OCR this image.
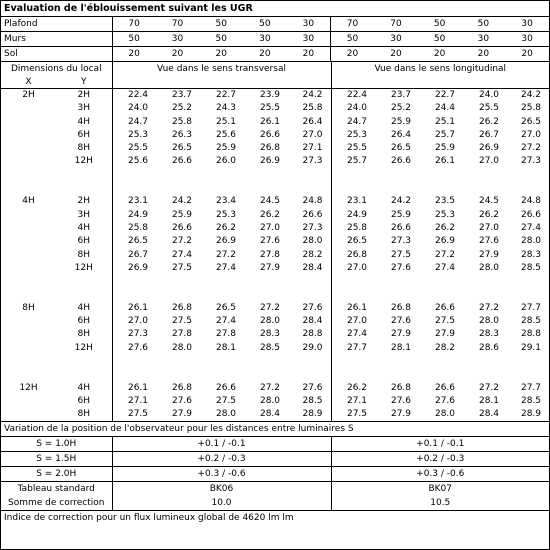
Evaluation de l'éblouissement suivant les UGR
Plafond	70	70	50	50	30	70	70	50	50	30
Murs	50	30	50	30	30	50	30	50	30	30
Sol	20	20	20	20	20	20	20	20	20	20
Dimensions du local		Vue dans le sens transversal					Vue dans le sens longitudinal				
X	Y										
2H	2H	22.4	23.7	22.7	23.9	24.2	22.4	23.7	22.7	24.0	24.2
	3H	24.0	25.2	24.3	25.5	25.8	24.0	25.2	24.4	25.5	25.8
	4H	24.7	25.8	25.1	26.1	26.4	24.7	25.9	25.1	26.2	26.5
	6H	25.3	26.3	25.6	26.6	27.0	25.3	26.4	25.7	26.7	27.0
	8H	25.5	26.5	25.9	26.8	27.1	25.5	26.5	25.9	26.9	27.2
	12H	25.6	26.6	26.0	26.9	27.3	25.7	26.6	26.1	27.0	27.3

4H	2H	23.1	24.2	23.4	24.5	24.8	23.1	24.2	23.5	24.5	24.8
	3H	24.9	25.9	25.3	26.2	26.6	24.9	25.9	25.3	26.2	26.6
	4H	25.8	26.6	26.2	27.0	27.3	25.8	26.6	26.2	27.0	27.4
	6H	26.5	27.2	26.9	27.6	28.0	26.5	27.3	26.9	27.6	28.0
	8H	26.7	27.4	27.2	27.8	28.2	26.8	27.5	27.2	27.9	28.3
	12H	26.9	27.5	27.4	27.9	28.4	27.0	27.6	27.4	28.0	28.5

8H	4H	26.1	26.8	26.5	27.2	27.6	26.1	26.8	26.6	27.2	27.7
	6H	27.0	27.5	27.4	28.0	28.4	27.0	27.6	27.5	28.0	28.5
	8H	27.3	27.8	27.8	28.3	28.8	27.4	27.9	27.9	28.3	28.8
	12H	27.6	28.0	28.1	28.5	29.0	27.7	28.1	28.2	28.6	29.1

12H	4H	26.1	26.8	26.6	27.2	27.6	26.2	26.8	26.6	27.2	27.7
	6H	27.1	27.6	27.5	28.0	28.5	27.1	27.6	27.6	28.1	28.5
	8H	27.5	27.9	28.0	28.4	28.9	27.5	27.9	28.0	28.4	28.9
Variation de la position de l'observateur pour les distances entre luminaires S		
S = 1.0H	+0.1 / -0.1	+0.1 / -0.1
S = 1.5H	+0.2 / -0.3	+0.2 / -0.3
S = 2.0H	+0.3 / -0.6	+0.3 / -0.6
Tableau standard	BK06	BK07
Somme de correction	10.0	10.5
Indice de correction pour un flux lumineux global de 4620 lm lm
